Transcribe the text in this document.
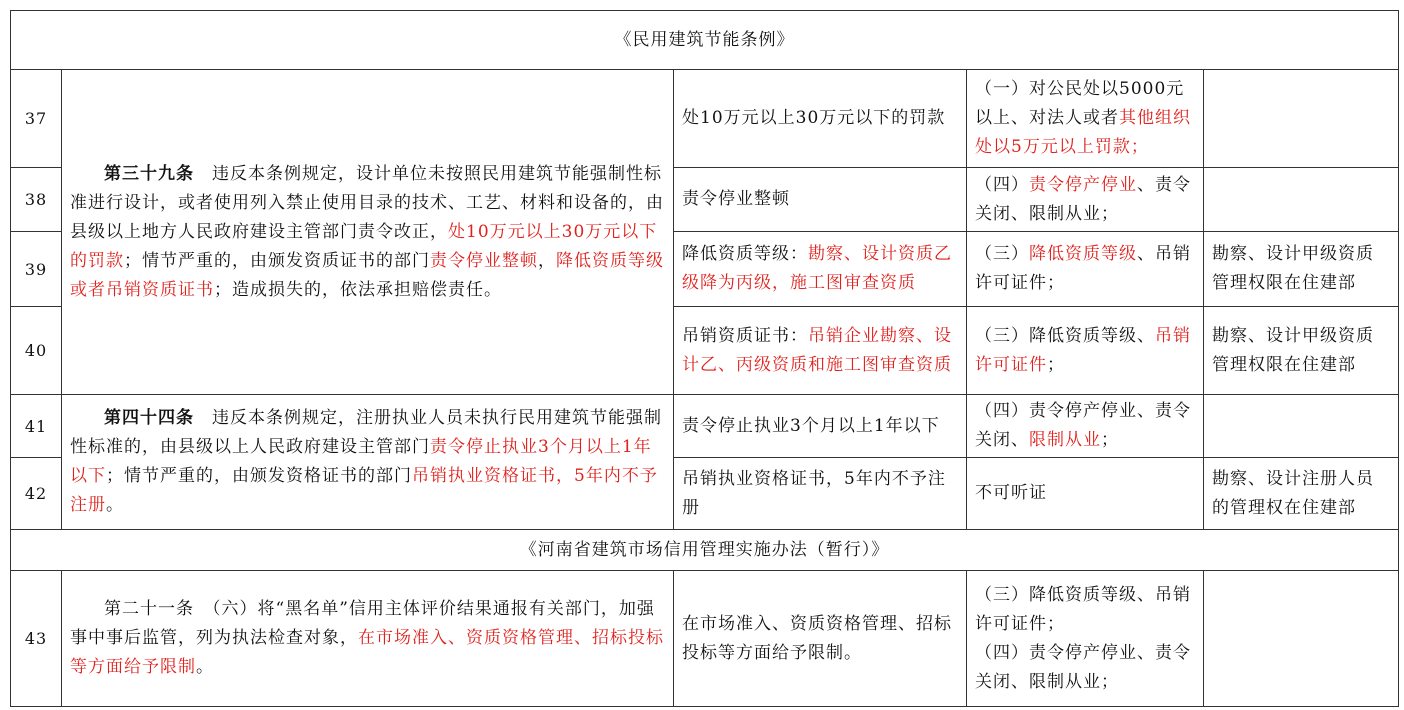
《民用建筑节能条例》				
37	第三十九条　违反本条例规定，设计单位未按照民用建筑节能强制性标准进行设计，或者使用列入禁止使用目录的技术、工艺、材料和设备的，由县级以上地方人民政府建设主管部门责令改正，处10万元以上30万元以下的罚款；情节严重的，由颁发资质证书的部门责令停业整顿，降低资质等级或者吊销资质证书；造成损失的，依法承担赔偿责任。	处10万元以上30万元以下的罚款	（一）对公民处以5000元以上、对法人或者其他组织处以5万元以上罚款；	
38		责令停业整顿	（四）责令停产停业、责令关闭、限制从业；	
39		降低资质等级：勘察、设计资质乙级降为丙级，施工图审查资质	（三）降低资质等级、吊销许可证件；	勘察、设计甲级资质管理权限在住建部
40		吊销资质证书：吊销企业勘察、设计乙、丙级资质和施工图审查资质	（三）降低资质等级、吊销许可证件；	勘察、设计甲级资质管理权限在住建部
41	第四十四条　违反本条例规定，注册执业人员未执行民用建筑节能强制性标准的，由县级以上人民政府建设主管部门责令停止执业3个月以上1年以下；情节严重的，由颁发资格证书的部门吊销执业资格证书，5年内不予注册。	责令停止执业3个月以上1年以下	（四）责令停产停业、责令关闭、限制从业；	
42		吊销执业资格证书，5年内不予注册	不可听证	勘察、设计注册人员的管理权在住建部
《河南省建筑市场信用管理实施办法（暂行）》				
43	第二十一条　（六）将“黑名单”信用主体评价结果通报有关部门，加强事中事后监管，列为执法检查对象，在市场准入、资质资格管理、招标投标等方面给予限制。	在市场准入、资质资格管理、招标投标等方面给予限制。	（三）降低资质等级、吊销许可证件；
（四）责令停产停业、责令关闭、限制从业；	
